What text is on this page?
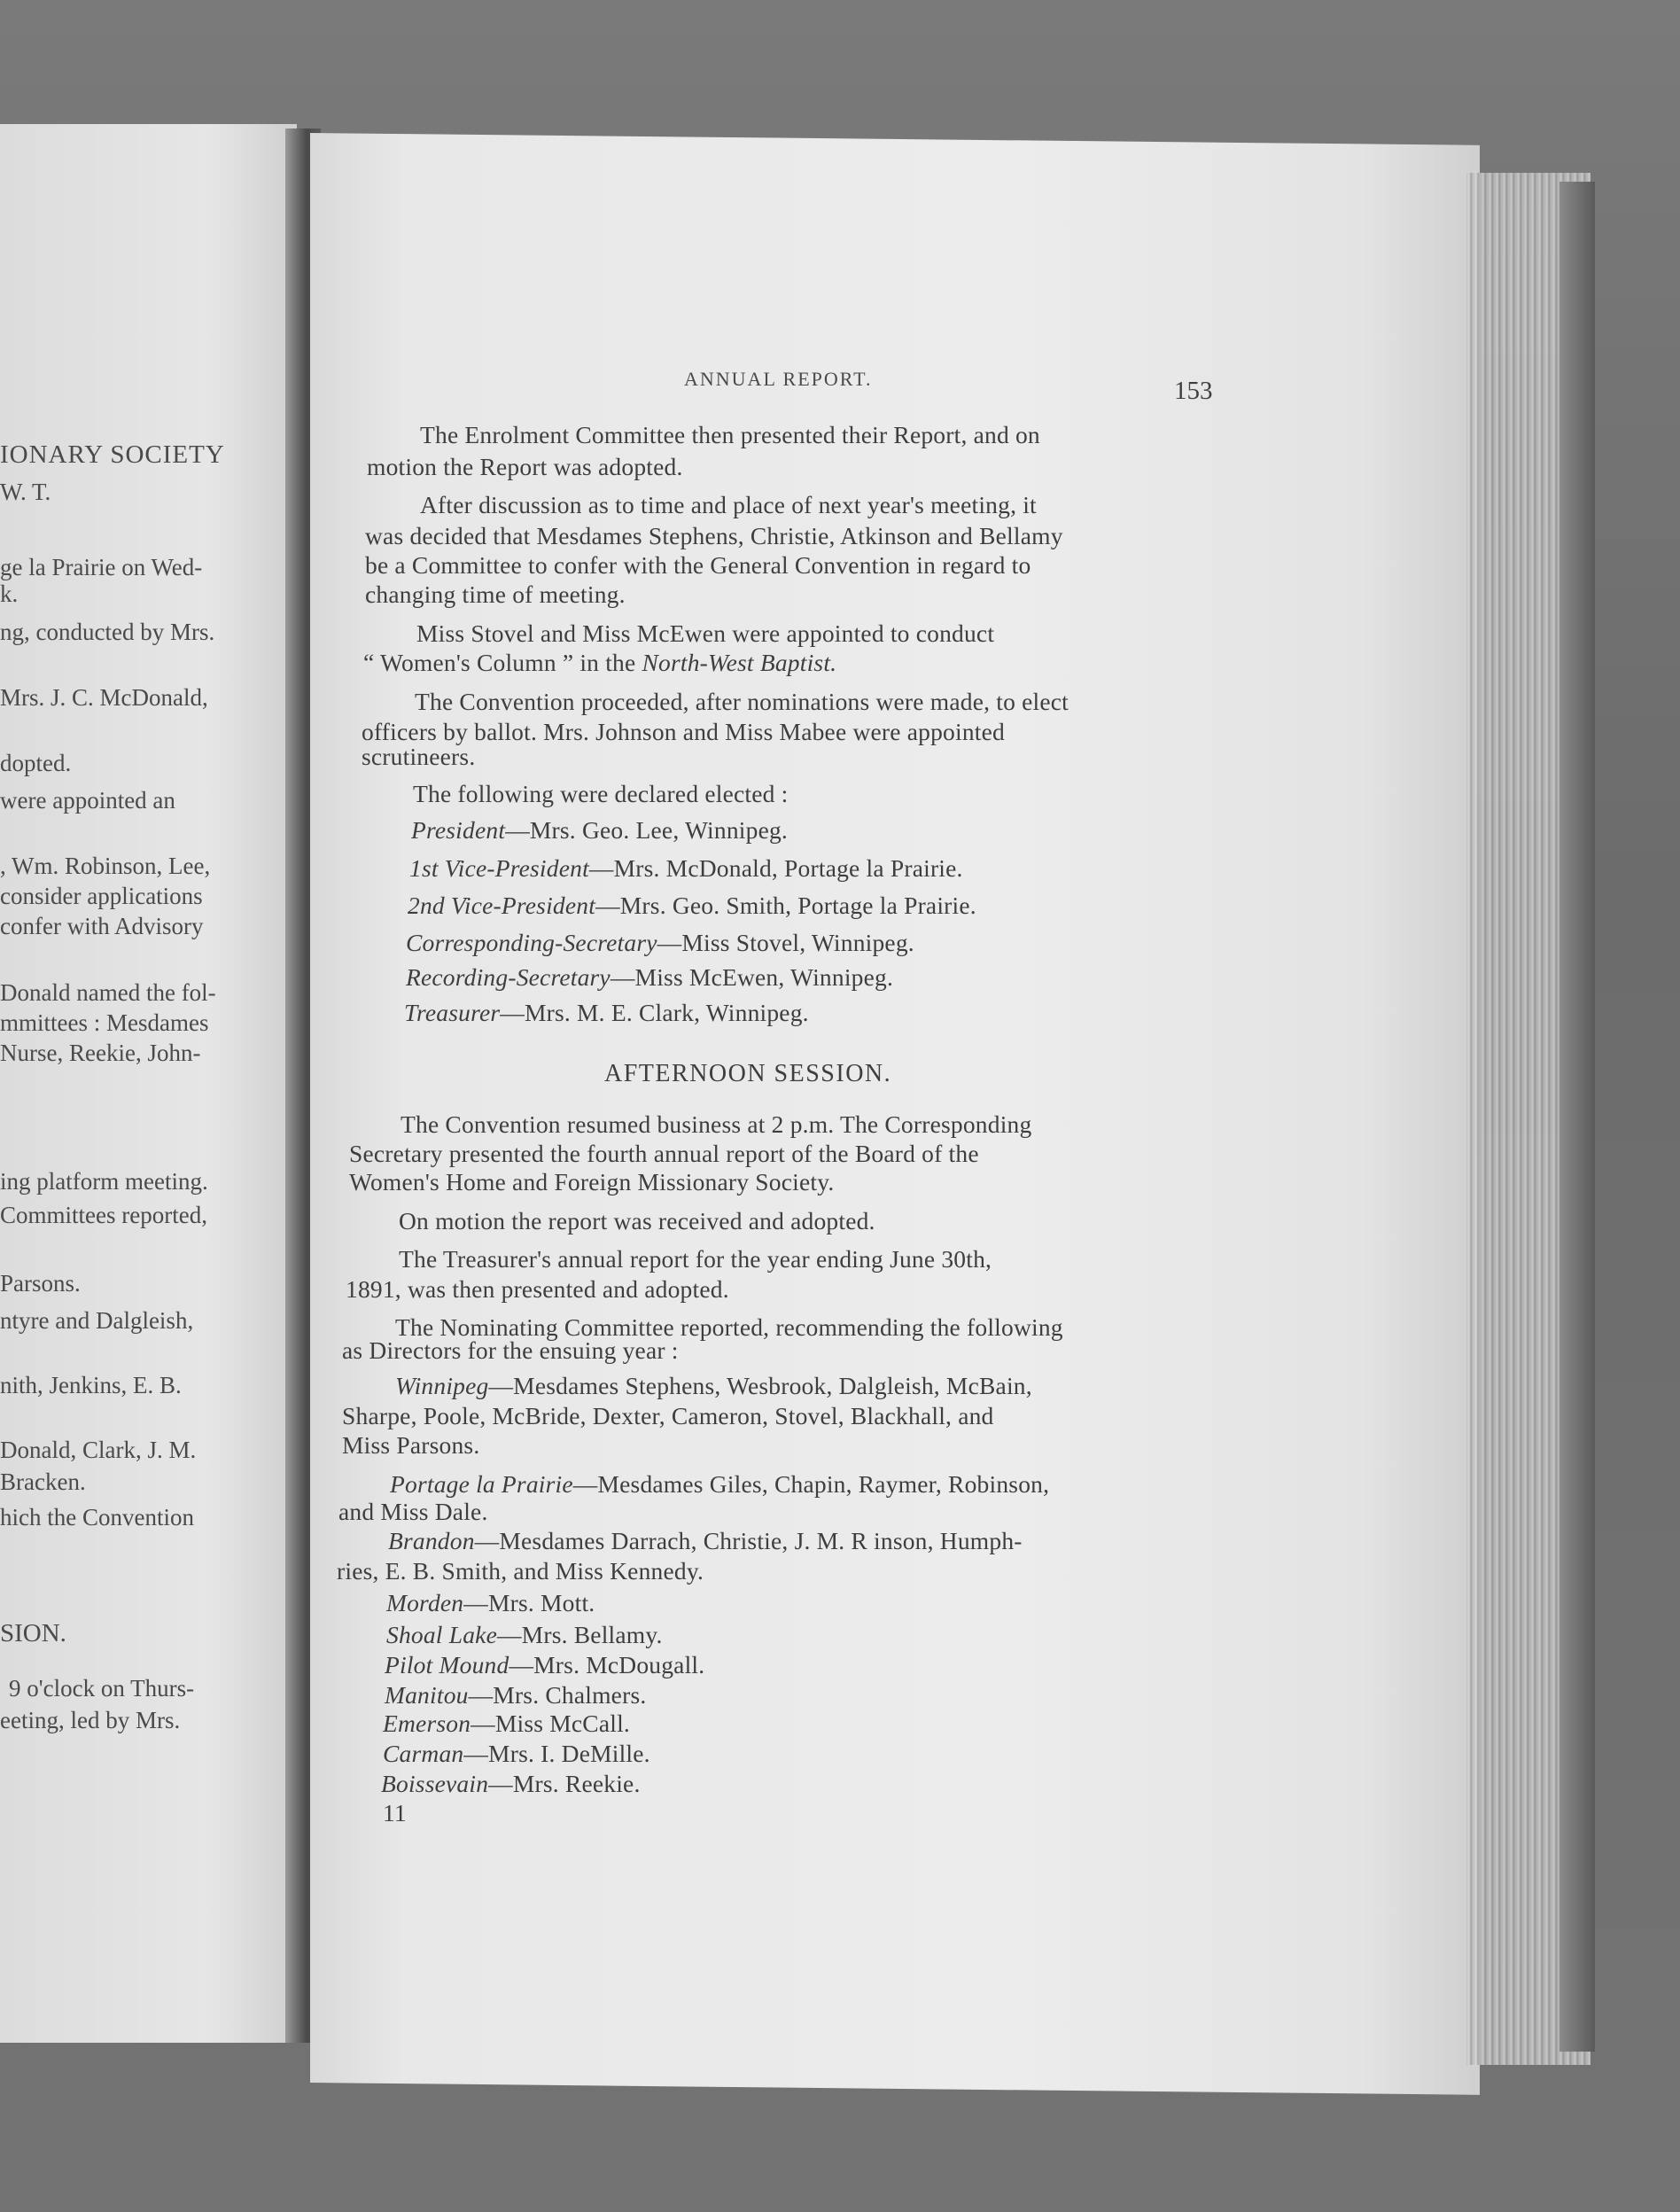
IONARY SOCIETY
W. T.
ge la Prairie on Wed-
k.
ng, conducted by Mrs.
Mrs. J. C. McDonald,
dopted.
were appointed an
, Wm. Robinson, Lee,
consider applications
confer with Advisory
Donald named the fol-
mmittees : Mesdames
Nurse, Reekie, John-
ing platform meeting.
Committees reported,
Parsons.
ntyre and Dalgleish,
nith, Jenkins, E. B.
Donald, Clark, J. M.
Bracken.
hich the Convention
SION.
9 o'clock on Thurs-
eeting, led by Mrs.
ANNUAL REPORT.	153
The Enrolment Committee then presented their Report, and on
motion the Report was adopted.
After discussion as to time and place of next year's meeting, it
was decided that Mesdames Stephens, Christie, Atkinson and Bellamy
be a Committee to confer with the General Convention in regard to
changing time of meeting.
Miss Stovel and Miss McEwen were appointed to conduct
“ Women's Column ” in the North-West Baptist.
The Convention proceeded, after nominations were made, to elect
officers by ballot. Mrs. Johnson and Miss Mabee were appointed
scrutineers.
The following were declared elected :
President—Mrs. Geo. Lee, Winnipeg.
1st Vice-President—Mrs. McDonald, Portage la Prairie.
2nd Vice-President—Mrs. Geo. Smith, Portage la Prairie.
Corresponding-Secretary—Miss Stovel, Winnipeg.
Recording-Secretary—Miss McEwen, Winnipeg.
Treasurer—Mrs. M. E. Clark, Winnipeg.
AFTERNOON SESSION.
The Convention resumed business at 2 p.m. The Corresponding
Secretary presented the fourth annual report of the Board of the
Women's Home and Foreign Missionary Society.
On motion the report was received and adopted.
The Treasurer's annual report for the year ending June 30th,
1891, was then presented and adopted.
The Nominating Committee reported, recommending the following
as Directors for the ensuing year :
Winnipeg—Mesdames Stephens, Wesbrook, Dalgleish, McBain,
Sharpe, Poole, McBride, Dexter, Cameron, Stovel, Blackhall, and
Miss Parsons.
Portage la Prairie—Mesdames Giles, Chapin, Raymer, Robinson,
and Miss Dale.
Brandon—Mesdames Darrach, Christie, J. M. R inson, Humph-
ries, E. B. Smith, and Miss Kennedy.
Morden—Mrs. Mott.
Shoal Lake—Mrs. Bellamy.
Pilot Mound—Mrs. McDougall.
Manitou—Mrs. Chalmers.
Emerson—Miss McCall.
Carman—Mrs. I. DeMille.
Boissevain—Mrs. Reekie.
11
